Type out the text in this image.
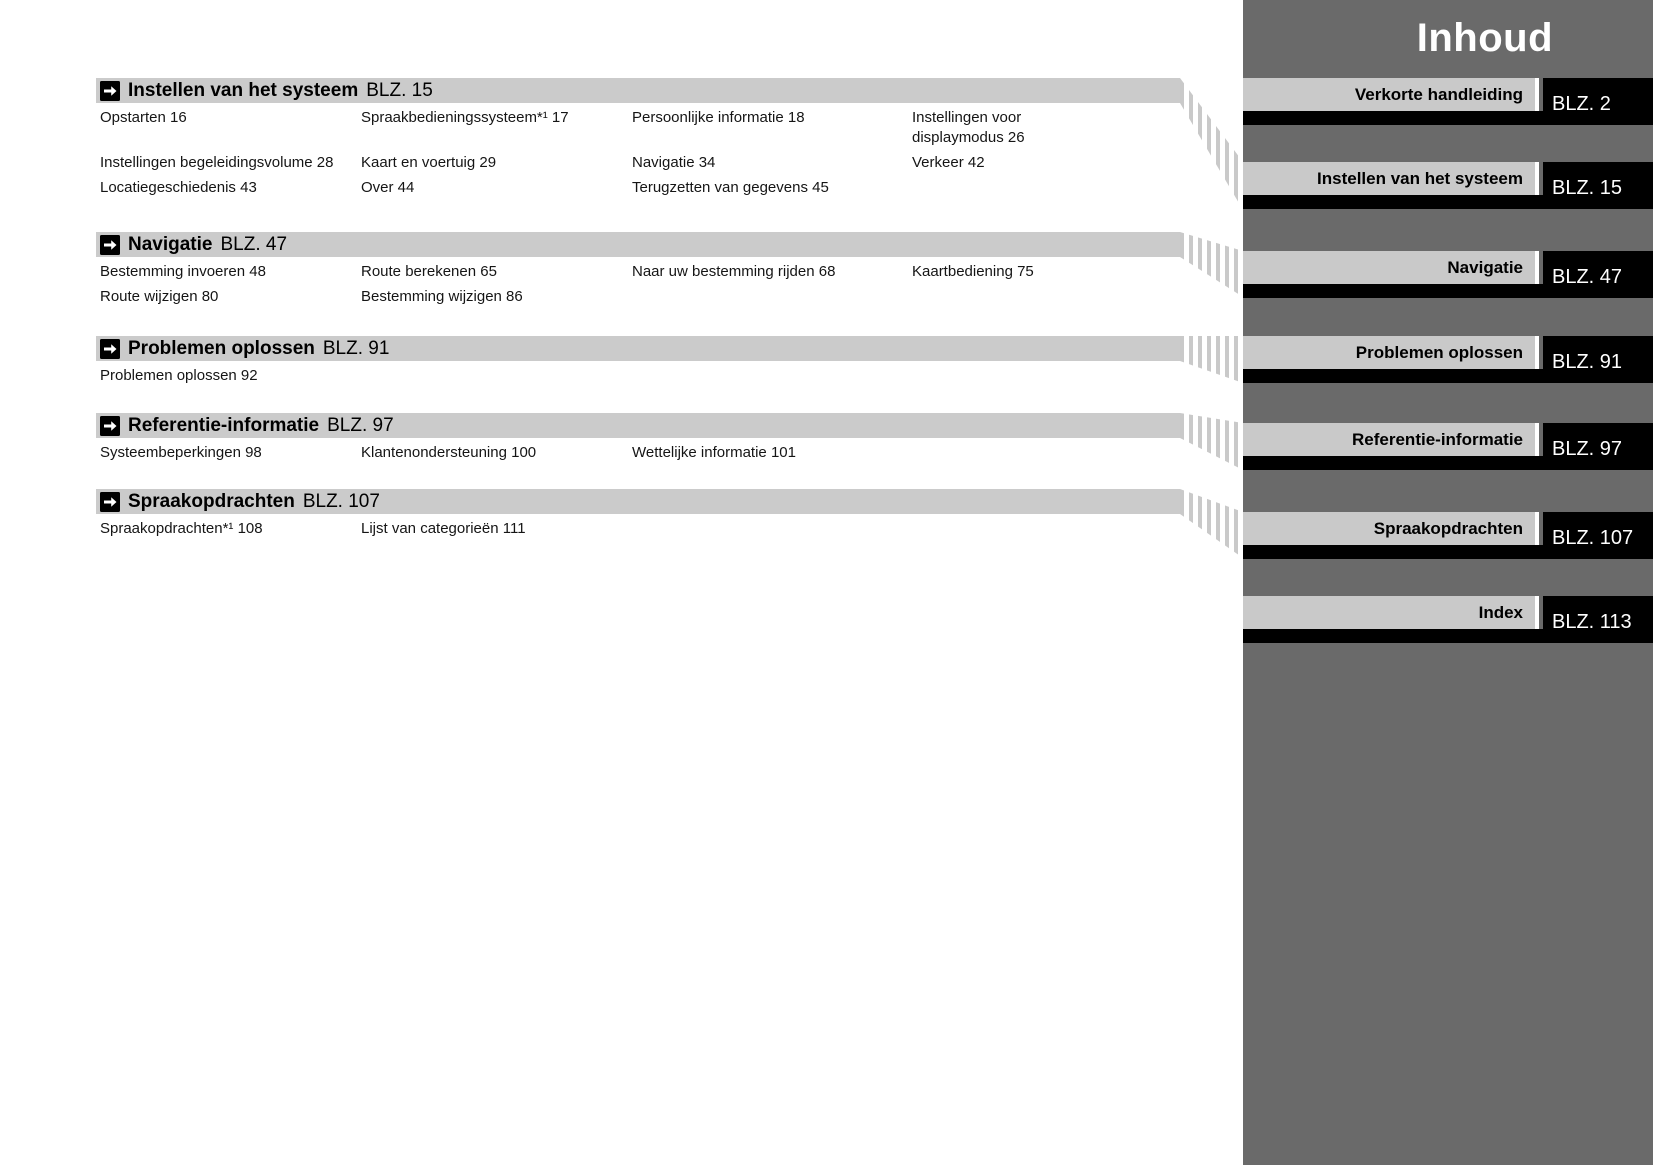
Instellen van het systeem BLZ. 15
Opstarten 16	Spraakbedieningssysteem*¹ 17	Persoonlijke informatie 18	Instellingen voor displaymodus 26
Instellingen begeleidingsvolume 28	Kaart en voertuig 29	Navigatie 34	Verkeer 42
Locatiegeschiedenis 43	Over 44	Terugzetten van gegevens 45
Navigatie BLZ. 47
Bestemming invoeren 48	Route berekenen 65	Naar uw bestemming rijden 68	Kaartbediening 75
Route wijzigen 80	Bestemming wijzigen 86
Problemen oplossen BLZ. 91
Problemen oplossen 92
Referentie-informatie BLZ. 97
Systeembeperkingen 98	Klantenondersteuning 100	Wettelijke informatie 101
Spraakopdrachten BLZ. 107
Spraakopdrachten*¹ 108	Lijst van categorieën 111
Inhoud
Verkorte handleiding	BLZ. 2
Instellen van het systeem	BLZ. 15
Navigatie	BLZ. 47
Problemen oplossen	BLZ. 91
Referentie-informatie	BLZ. 97
Spraakopdrachten	BLZ. 107
Index	BLZ. 113
